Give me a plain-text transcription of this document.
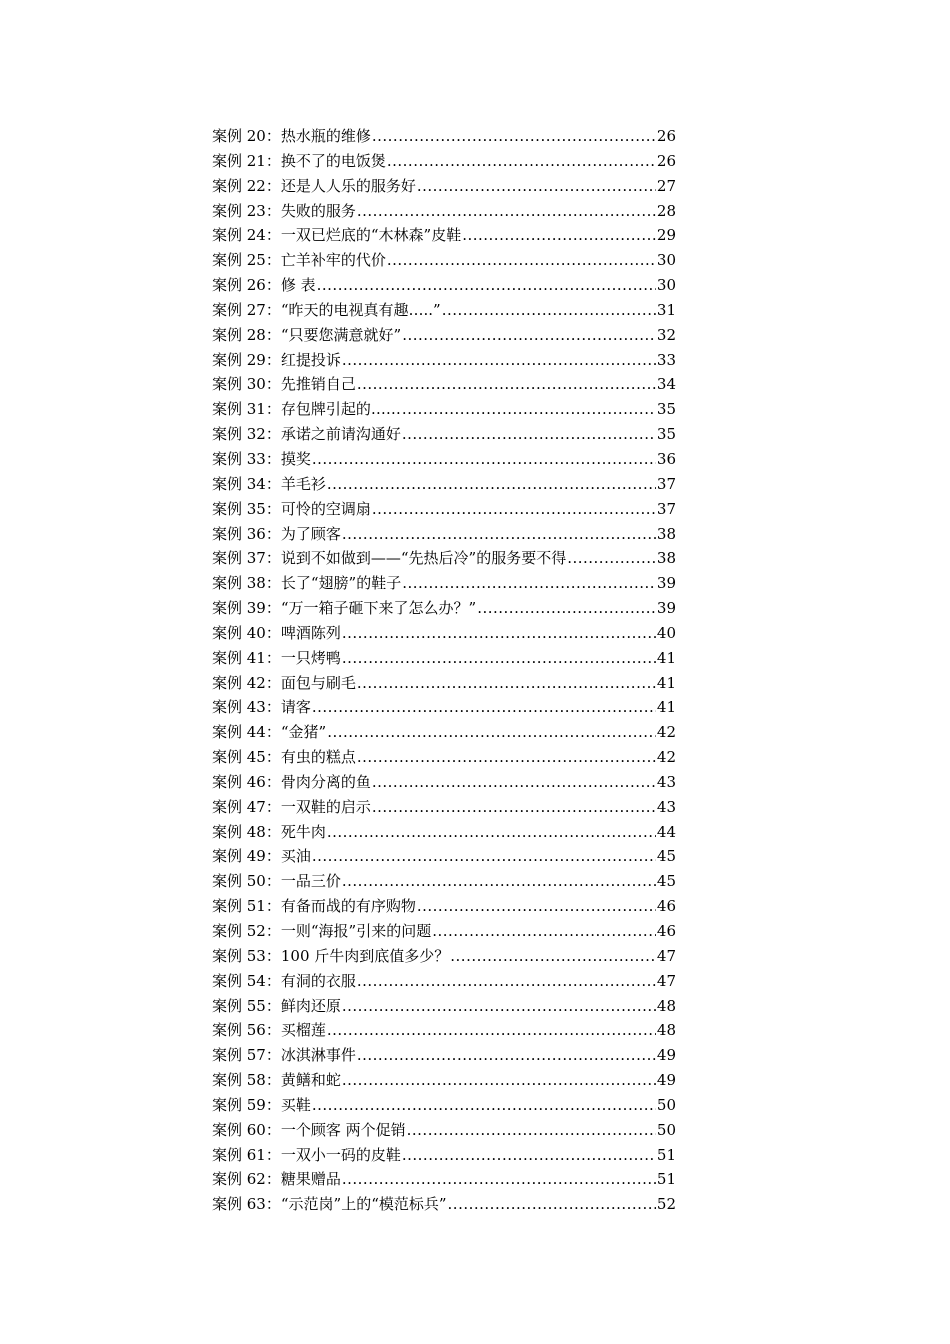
案例 20：热水瓶的维修 .....	26
案例 21：换不了的电饭煲 .....	26
案例 22：还是人人乐的服务好 .....	27
案例 23：失败的服务 .....	28
案例 24：一双已烂底的“木林森”皮鞋 .....	29
案例 25：亡羊补牢的代价 .....	30
案例 26：修 表 .....	30
案例 27：“昨天的电视真有趣…..” .....	31
案例 28：“只要您满意就好” .....	32
案例 29：红提投诉 .....	33
案例 30：先推销自己 .....	34
案例 31：存包牌引起的…… .....	35
案例 32：承诺之前请沟通好 .....	35
案例 33：摸奖 .....	36
案例 34：羊毛衫 .....	37
案例 35：可怜的空调扇 .....	37
案例 36：为了顾客 .....	38
案例 37：说到不如做到——“先热后冷”的服务要不得 .....	38
案例 38：长了“翅膀”的鞋子 .....	39
案例 39：“万一箱子砸下来了怎么办？” .....	39
案例 40：啤酒陈列 .....	40
案例 41：一只烤鸭 .....	41
案例 42：面包与刷毛 .....	41
案例 43：请客 .....	41
案例 44：“金猪” .....	42
案例 45：有虫的糕点 .....	42
案例 46：骨肉分离的鱼 .....	43
案例 47：一双鞋的启示 .....	43
案例 48：死牛肉 .....	44
案例 49：买油 .....	45
案例 50：一品三价 .....	45
案例 51：有备而战的有序购物 .....	46
案例 52：一则“海报”引来的问题 .....	46
案例 53：100 斤牛肉到底值多少？ .....	47
案例 54：有洞的衣服 .....	47
案例 55：鲜肉还原 .....	48
案例 56：买榴莲 .....	48
案例 57：冰淇淋事件 .....	49
案例 58：黄鳝和蛇 .....	49
案例 59：买鞋 .....	50
案例 60：一个顾客 两个促销 .....	50
案例 61：一双小一码的皮鞋 .....	51
案例 62：糖果赠品 .....	51
案例 63：“示范岗”上的“模范标兵” .....	52
